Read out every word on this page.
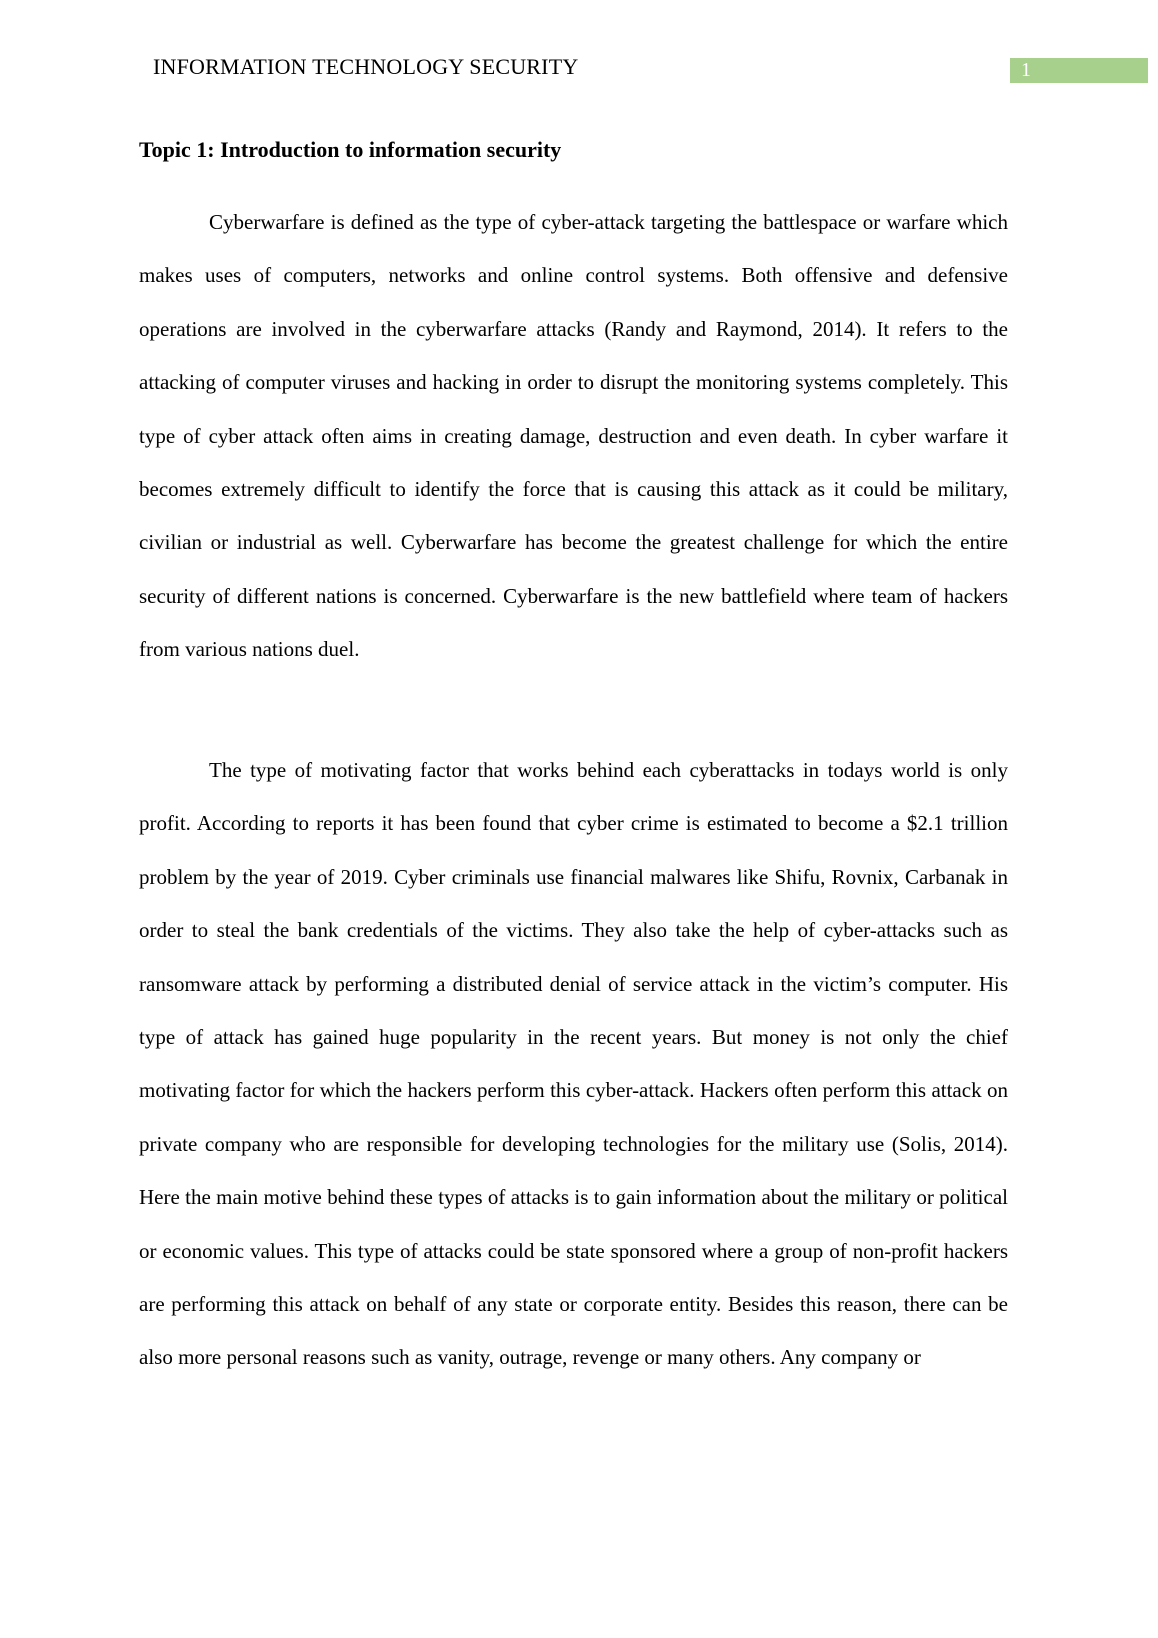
INFORMATION TECHNOLOGY SECURITY	1
Topic 1: Introduction to information security

Cyberwarfare is defined as the type of cyber-attack targeting the battlespace or warfare which makes uses of computers, networks and online control systems. Both offensive and defensive operations are involved in the cyberwarfare attacks (Randy and Raymond, 2014). It refers to the attacking of computer viruses and hacking in order to disrupt the monitoring systems completely. This type of cyber attack often aims in creating damage, destruction and even death. In cyber warfare it becomes extremely difficult to identify the force that is causing this attack as it could be military, civilian or industrial as well. Cyberwarfare has become the greatest challenge for which the entire security of different nations is concerned. Cyberwarfare is the new battlefield where team of hackers from various nations duel.

The type of motivating factor that works behind each cyberattacks in todays world is only profit. According to reports it has been found that cyber crime is estimated to become a $2.1 trillion problem by the year of 2019. Cyber criminals use financial malwares like Shifu, Rovnix, Carbanak in order to steal the bank credentials of the victims. They also take the help of cyber-attacks such as ransomware attack by performing a distributed denial of service attack in the victim’s computer. His type of attack has gained huge popularity in the recent years. But money is not only the chief motivating factor for which the hackers perform this cyber-attack. Hackers often perform this attack on private company who are responsible for developing technologies for the military use (Solis, 2014). Here the main motive behind these types of attacks is to gain information about the military or political or economic values. This type of attacks could be state sponsored where a group of non-profit hackers are performing this attack on behalf of any state or corporate entity. Besides this reason, there can be also more personal reasons such as vanity, outrage, revenge or many others. Any company or
